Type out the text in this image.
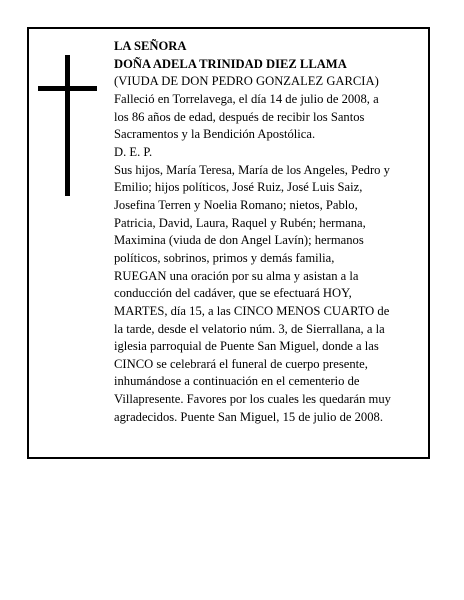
LA SEÑORA
DOÑA ADELA TRINIDAD DIEZ LLAMA
(VIUDA DE DON PEDRO GONZALEZ GARCIA)
Falleció en Torrelavega, el día 14 de julio de 2008, a
los 86 años de edad, después de recibir los Santos
Sacramentos y la Bendición Apostólica.
D. E. P.
Sus hijos, María Teresa, María de los Angeles, Pedro y
Emilio; hijos políticos, José Ruiz, José Luis Saiz,
Josefina Terren y Noelia Romano; nietos, Pablo,
Patricia, David, Laura, Raquel y Rubén; hermana,
Maximina (viuda de don Angel Lavín); hermanos
políticos, sobrinos, primos y demás familia,
RUEGAN una oración por su alma y asistan a la
conducción del cadáver, que se efectuará HOY,
MARTES, día 15, a las CINCO MENOS CUARTO de
la tarde, desde el velatorio núm. 3, de Sierrallana, a la
iglesia parroquial de Puente San Miguel, donde a las
CINCO se celebrará el funeral de cuerpo presente,
inhumándose a continuación en el cementerio de
Villapresente. Favores por los cuales les quedarán muy
agradecidos. Puente San Miguel, 15 de julio de 2008.
